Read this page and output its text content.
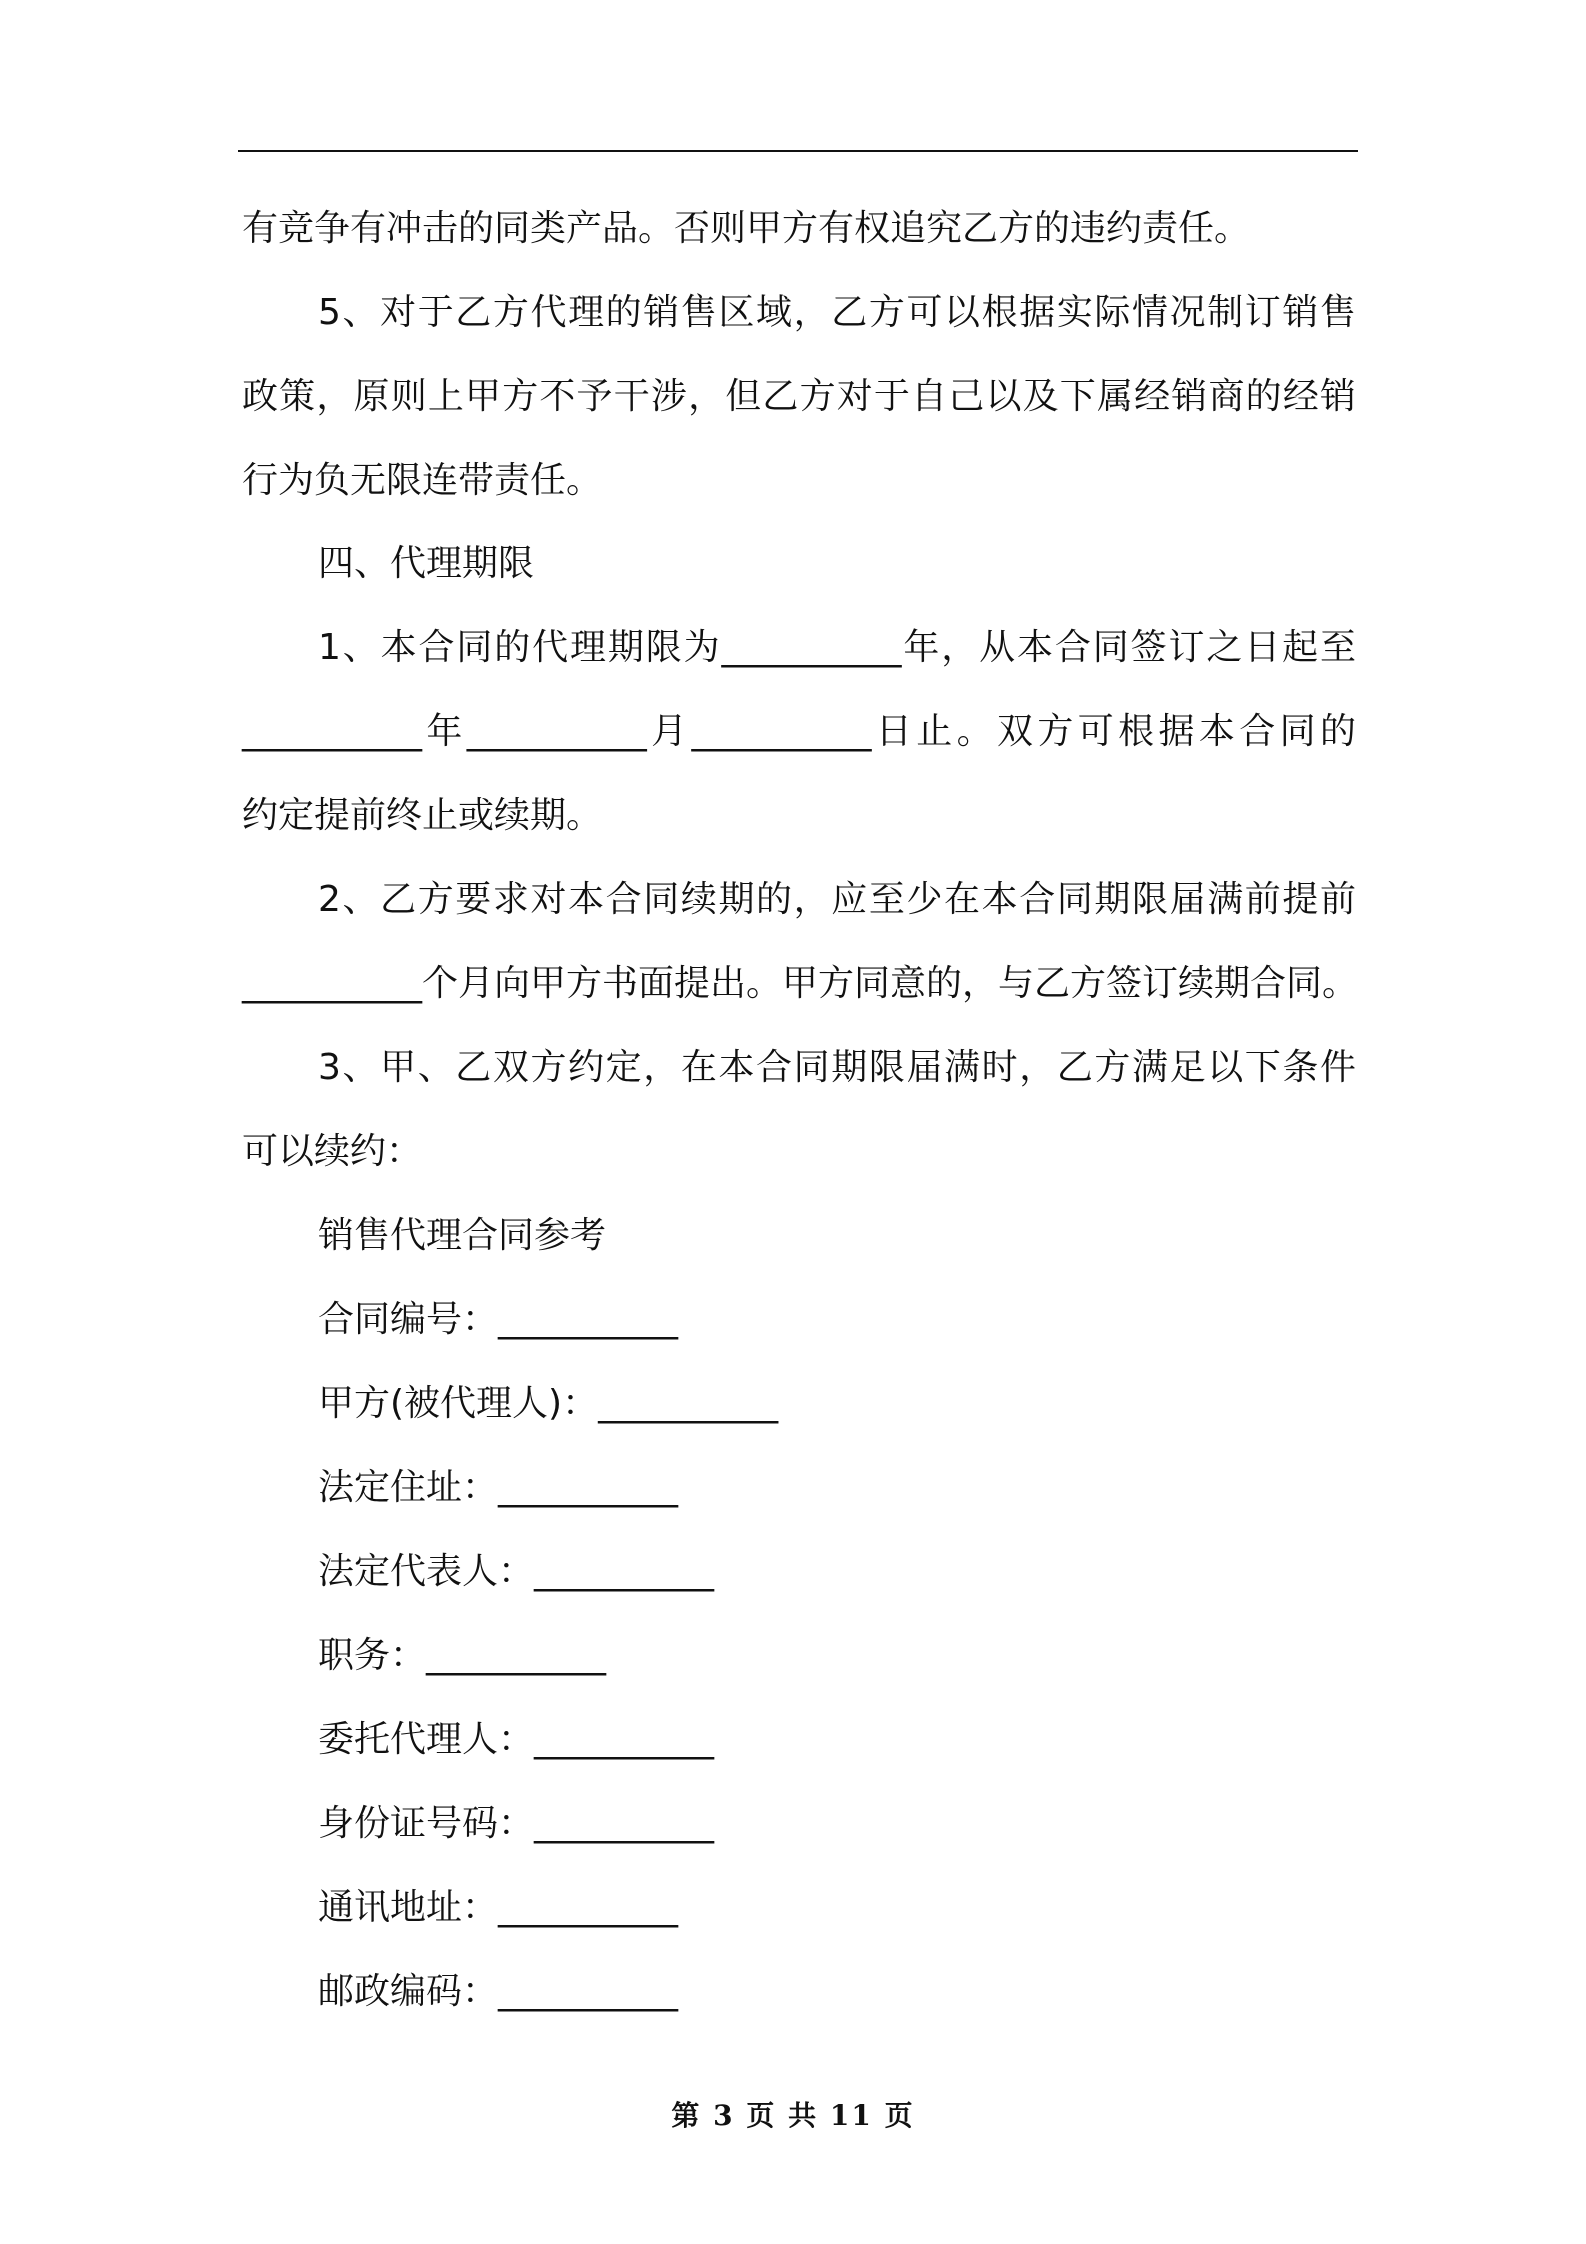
有竞争有冲击的同类产品。否则甲方有权追究乙方的违约责任。
5、对于乙方代理的销售区域，乙方可以根据实际情况制订销售
政策，原则上甲方不予干涉，但乙方对于自己以及下属经销商的经销
行为负无限连带责任。
四、代理期限
1、本合同的代理期限为__________年，从本合同签订之日起至
__________年__________月__________日止。双方可根据本合同的
约定提前终止或续期。
2、乙方要求对本合同续期的，应至少在本合同期限届满前提前
__________个月向甲方书面提出。甲方同意的，与乙方签订续期合同。
3、甲、乙双方约定，在本合同期限届满时，乙方满足以下条件
可以续约：
销售代理合同参考
合同编号：__________
甲方(被代理人)：__________
法定住址：__________
法定代表人：__________
职务：__________
委托代理人：__________
身份证号码：__________
通讯地址：__________
邮政编码：__________
第 3 页 共 11 页
